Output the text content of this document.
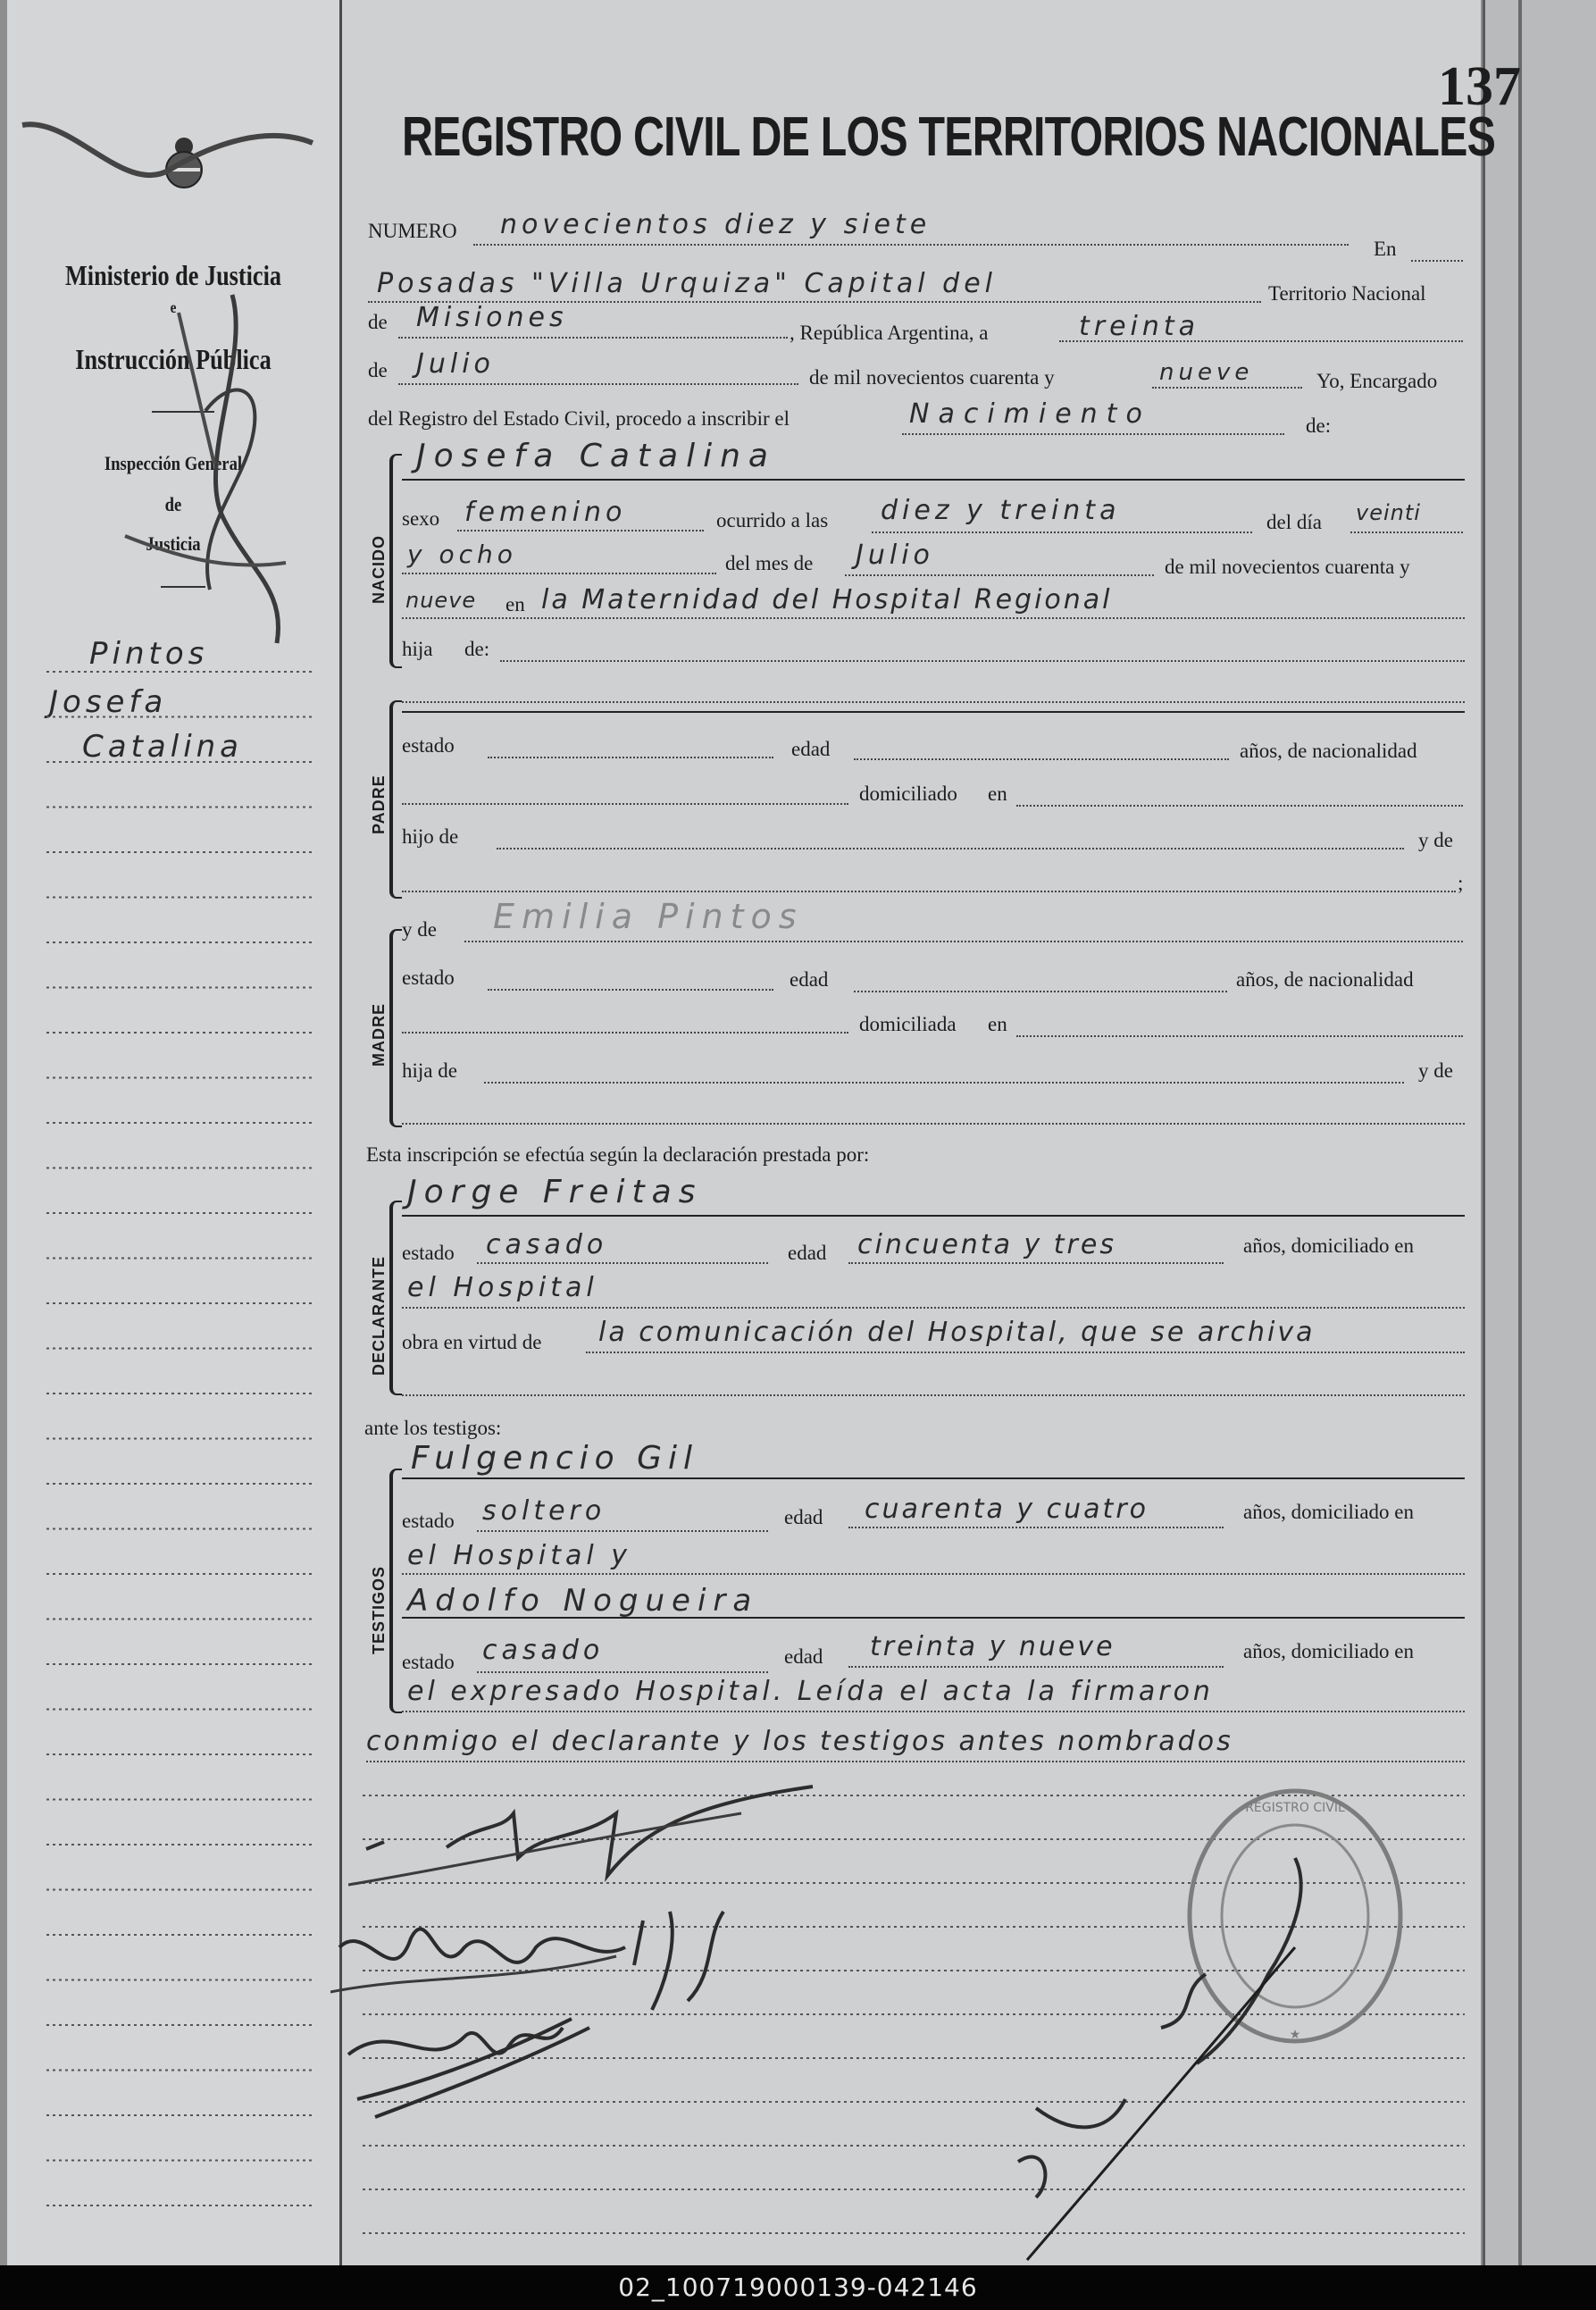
137
REGISTRO CIVIL DE LOS TERRITORIOS NACIONALES
Ministerio de Justicia
e
Instrucción Pública
Inspección General
de
Justicia
Pintos
Josefa
Catalina
NUMERO novecientos diez y siete
En
Posadas "Villa Urquiza" Capital del	Territorio Nacional
de Misiones	, República Argentina, a	treinta
de Julio	de mil novecientos cuarenta y	nueve	Yo, Encargado
del Registro del Estado Civil, procedo a inscribir el	Nacimiento	de:
NACIDO
Josefa Catalina
sexo femenino	ocurrido a las diez y treinta	del día veinti
y ocho	del mes de Julio	de mil novecientos cuarenta y
nueve en la Maternidad del Hospital Regional
hija de:
PADRE
estado	edad	años, de nacionalidad
domiciliado en
hijo de	y de
;
y de Emilia Pintos
MADRE
estado	edad	años, de nacionalidad
domiciliada en
hija de	y de
Esta inscripción se efectúa según la declaración prestada por:
DECLARANTE
Jorge Freitas
estado casado	edad cincuenta y tres	años, domiciliado en
el Hospital
obra en virtud de la comunicación del Hospital, que se archiva
ante los testigos:
TESTIGOS
Fulgencio Gil
estado soltero	edad cuarenta y cuatro	años, domiciliado en
el Hospital y
Adolfo Nogueira
estado casado	edad treinta y nueve	años, domiciliado en
el expresado Hospital. Leída el acta la firmaron
conmigo el declarante y los testigos antes nombrados
REGISTRO CIVIL
★
02_100719000139-042146
